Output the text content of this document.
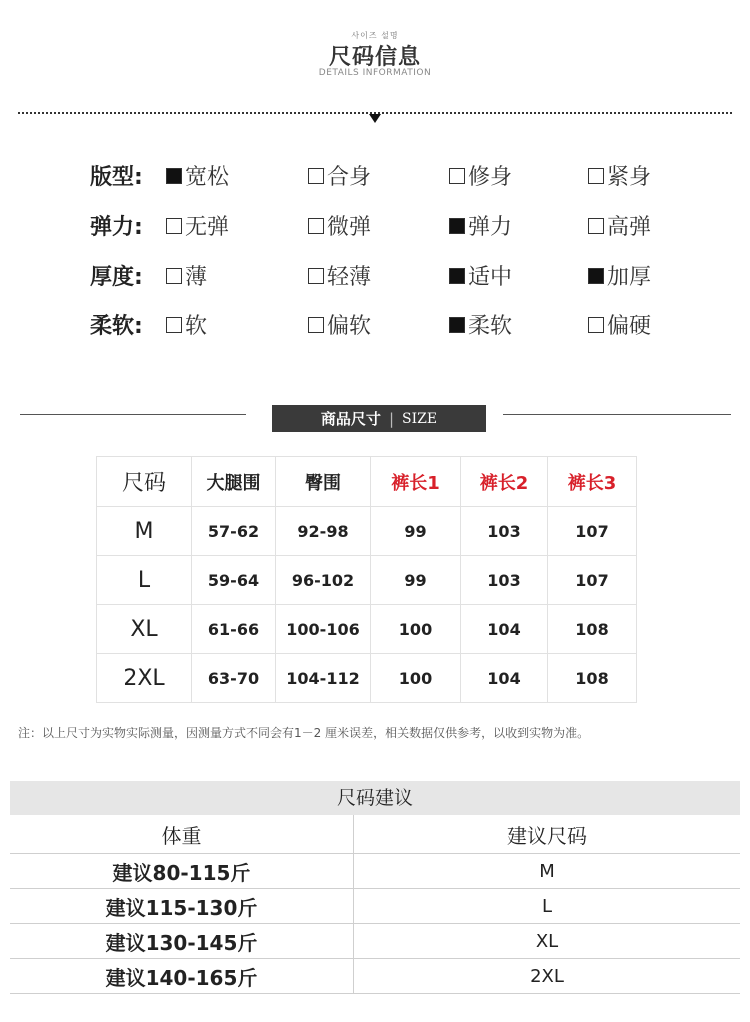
사이즈 설명
尺码信息
DETAILS INFORMATION
版型: 宽松	合身	修身	紧身
弹力: 无弹	微弹	弹力	高弹
厚度: 薄	轻薄	适中	加厚
柔软: 软	偏软	柔软	偏硬
商品尺寸 | SIZE
尺码	大腿围	臀围	裤长1	裤长2	裤长3
M	57-62	92-98	99	103	107
L	59-64	96-102	99	103	107
XL	61-66	100-106	100	104	108
2XL	63-70	104-112	100	104	108
注：以上尺寸为实物实际测量，因测量方式不同会有1－2 厘米误差，相关数据仅供参考，以收到实物为准。
尺码建议
体重	建议尺码
建议80-115斤	M
建议115-130斤	L
建议130-145斤	XL
建议140-165斤	2XL
